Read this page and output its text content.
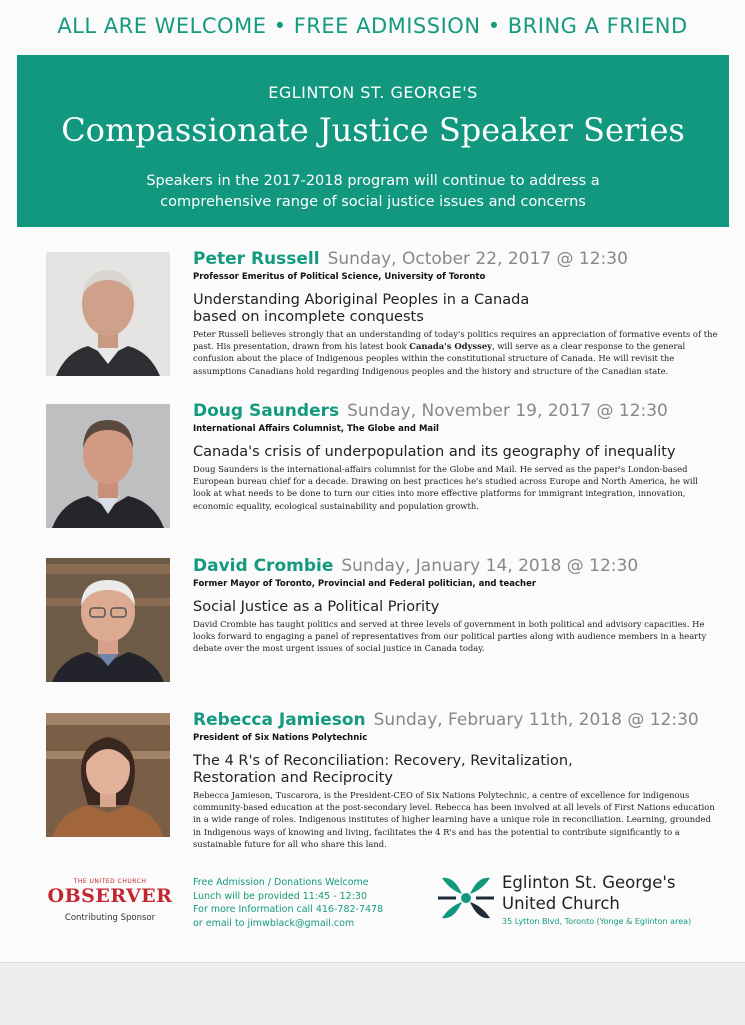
ALL ARE WELCOME • FREE ADMISSION • BRING A FRIEND
EGLINTON ST. GEORGE'S
Compassionate Justice Speaker Series
Speakers in the 2017-2018 program will continue to address a
comprehensive range of social justice issues and concerns
Peter Russell Sunday, October 22, 2017 @ 12:30
Professor Emeritus of Political Science, University of Toronto
Understanding Aboriginal Peoples in a Canada
based on incomplete conquests
Peter Russell believes strongly that an understanding of today's politics requires an appreciation of formative events of the past. His presentation, drawn from his latest book Canada's Odyssey, will serve as a clear response to the general confusion about the place of Indigenous peoples within the constitutional structure of Canada. He will revisit the assumptions Canadians hold regarding Indigenous peoples and the history and structure of the Canadian state.
Doug Saunders Sunday, November 19, 2017 @ 12:30
International Affairs Columnist, The Globe and Mail
Canada's crisis of underpopulation and its geography of inequality
Doug Saunders is the international-affairs columnist for the Globe and Mail. He served as the paper's London-based European bureau chief for a decade. Drawing on best practices he's studied across Europe and North America, he will look at what needs to be done to turn our cities into more effective platforms for immigrant integration, innovation, economic equality, ecological sustainability and population growth.
David Crombie Sunday, January 14, 2018 @ 12:30
Former Mayor of Toronto, Provincial and Federal politician, and teacher
Social Justice as a Political Priority
David Crombie has taught politics and served at three levels of government in both political and advisory capacities. He looks forward to engaging a panel of representatives from our political parties along with audience members in a hearty debate over the most urgent issues of social justice in Canada today.
Rebecca Jamieson Sunday, February 11th, 2018 @ 12:30
President of Six Nations Polytechnic
The 4 R's of Reconciliation: Recovery, Revitalization,
Restoration and Reciprocity
Rebecca Jamieson, Tuscarora, is the President-CEO of Six Nations Polytechnic, a centre of excellence for indigenous community-based education at the post-secondary level. Rebecca has been involved at all levels of First Nations education in a wide range of roles. Indigenous institutes of higher learning have a unique role in reconciliation. Learning, grounded in Indigenous ways of knowing and living, facilitates the 4 R's and has the potential to contribute significantly to a sustainable future for all who share this land.
THE UNITED CHURCH
OBSERVER
Contributing Sponsor
Free Admission / Donations Welcome
Lunch will be provided 11:45 - 12:30
For more Information call 416-782-7478
or email to jimwblack@gmail.com
Eglinton St. George's
United Church
35 Lytton Blvd, Toronto (Yonge & Eglinton area)
